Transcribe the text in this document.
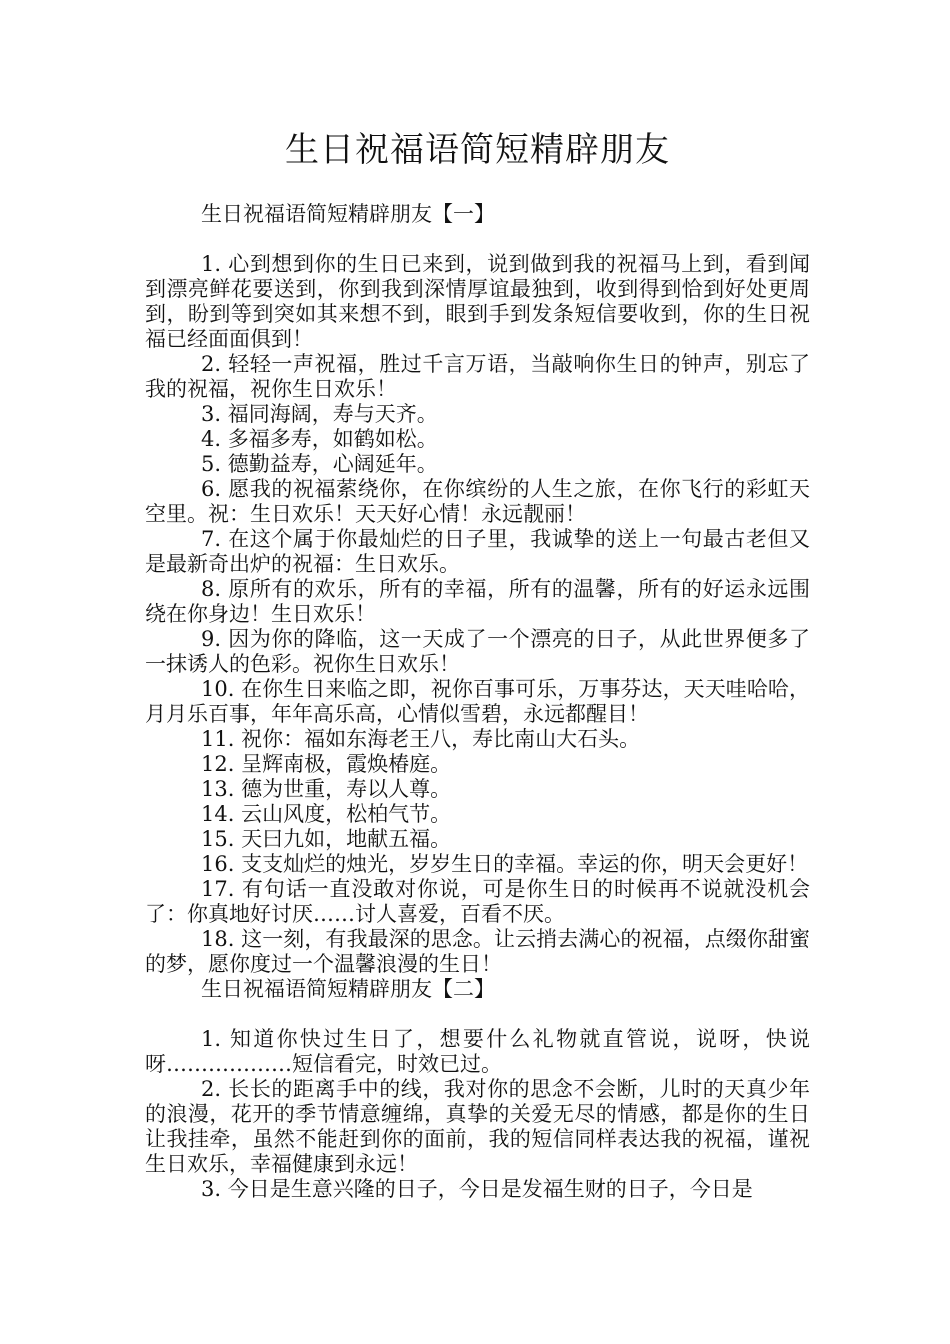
生日祝福语简短精辟朋友

生日祝福语简短精辟朋友【一】

1. 心到想到你的生日已来到，说到做到我的祝福马上到，看到闻到漂亮鲜花要送到，你到我到深情厚谊最独到，收到得到恰到好处更周到，盼到等到突如其来想不到，眼到手到发条短信要收到，你的生日祝福已经面面俱到！

2. 轻轻一声祝福，胜过千言万语，当敲响你生日的钟声，别忘了我的祝福，祝你生日欢乐！

3. 福同海阔，寿与天齐。

4. 多福多寿，如鹤如松。

5. 德勤益寿，心阔延年。

6. 愿我的祝福萦绕你，在你缤纷的人生之旅，在你飞行的彩虹天空里。祝：生日欢乐！天天好心情！永远靓丽！

7. 在这个属于你最灿烂的日子里，我诚挚的送上一句最古老但又是最新奇出炉的祝福：生日欢乐。

8. 原所有的欢乐，所有的幸福，所有的温馨，所有的好运永远围绕在你身边！生日欢乐！

9. 因为你的降临，这一天成了一个漂亮的日子，从此世界便多了一抹诱人的色彩。祝你生日欢乐！

10. 在你生日来临之即，祝你百事可乐，万事芬达，天天哇哈哈，月月乐百事，年年高乐高，心情似雪碧，永远都醒目！

11. 祝你：福如东海老王八，寿比南山大石头。

12. 呈辉南极，霞焕椿庭。

13. 德为世重，寿以人尊。

14. 云山风度，松柏气节。

15. 天曰九如，地献五福。

16. 支支灿烂的烛光，岁岁生日的幸福。幸运的你，明天会更好！

17. 有句话一直没敢对你说，可是你生日的时候再不说就没机会了：你真地好讨厌……讨人喜爱，百看不厌。

18. 这一刻，有我最深的思念。让云捎去满心的祝福，点缀你甜蜜的梦，愿你度过一个温馨浪漫的生日！

生日祝福语简短精辟朋友【二】

1. 知道你快过生日了，想要什么礼物就直管说，说呀，快说呀………………短信看完，时效已过。

2. 长长的距离手中的线，我对你的思念不会断，儿时的天真少年的浪漫，花开的季节情意缠绵，真挚的关爱无尽的情感，都是你的生日让我挂牵，虽然不能赶到你的面前，我的短信同样表达我的祝福，谨祝生日欢乐，幸福健康到永远！

3. 今日是生意兴隆的日子，今日是发福生财的日子，今日是
